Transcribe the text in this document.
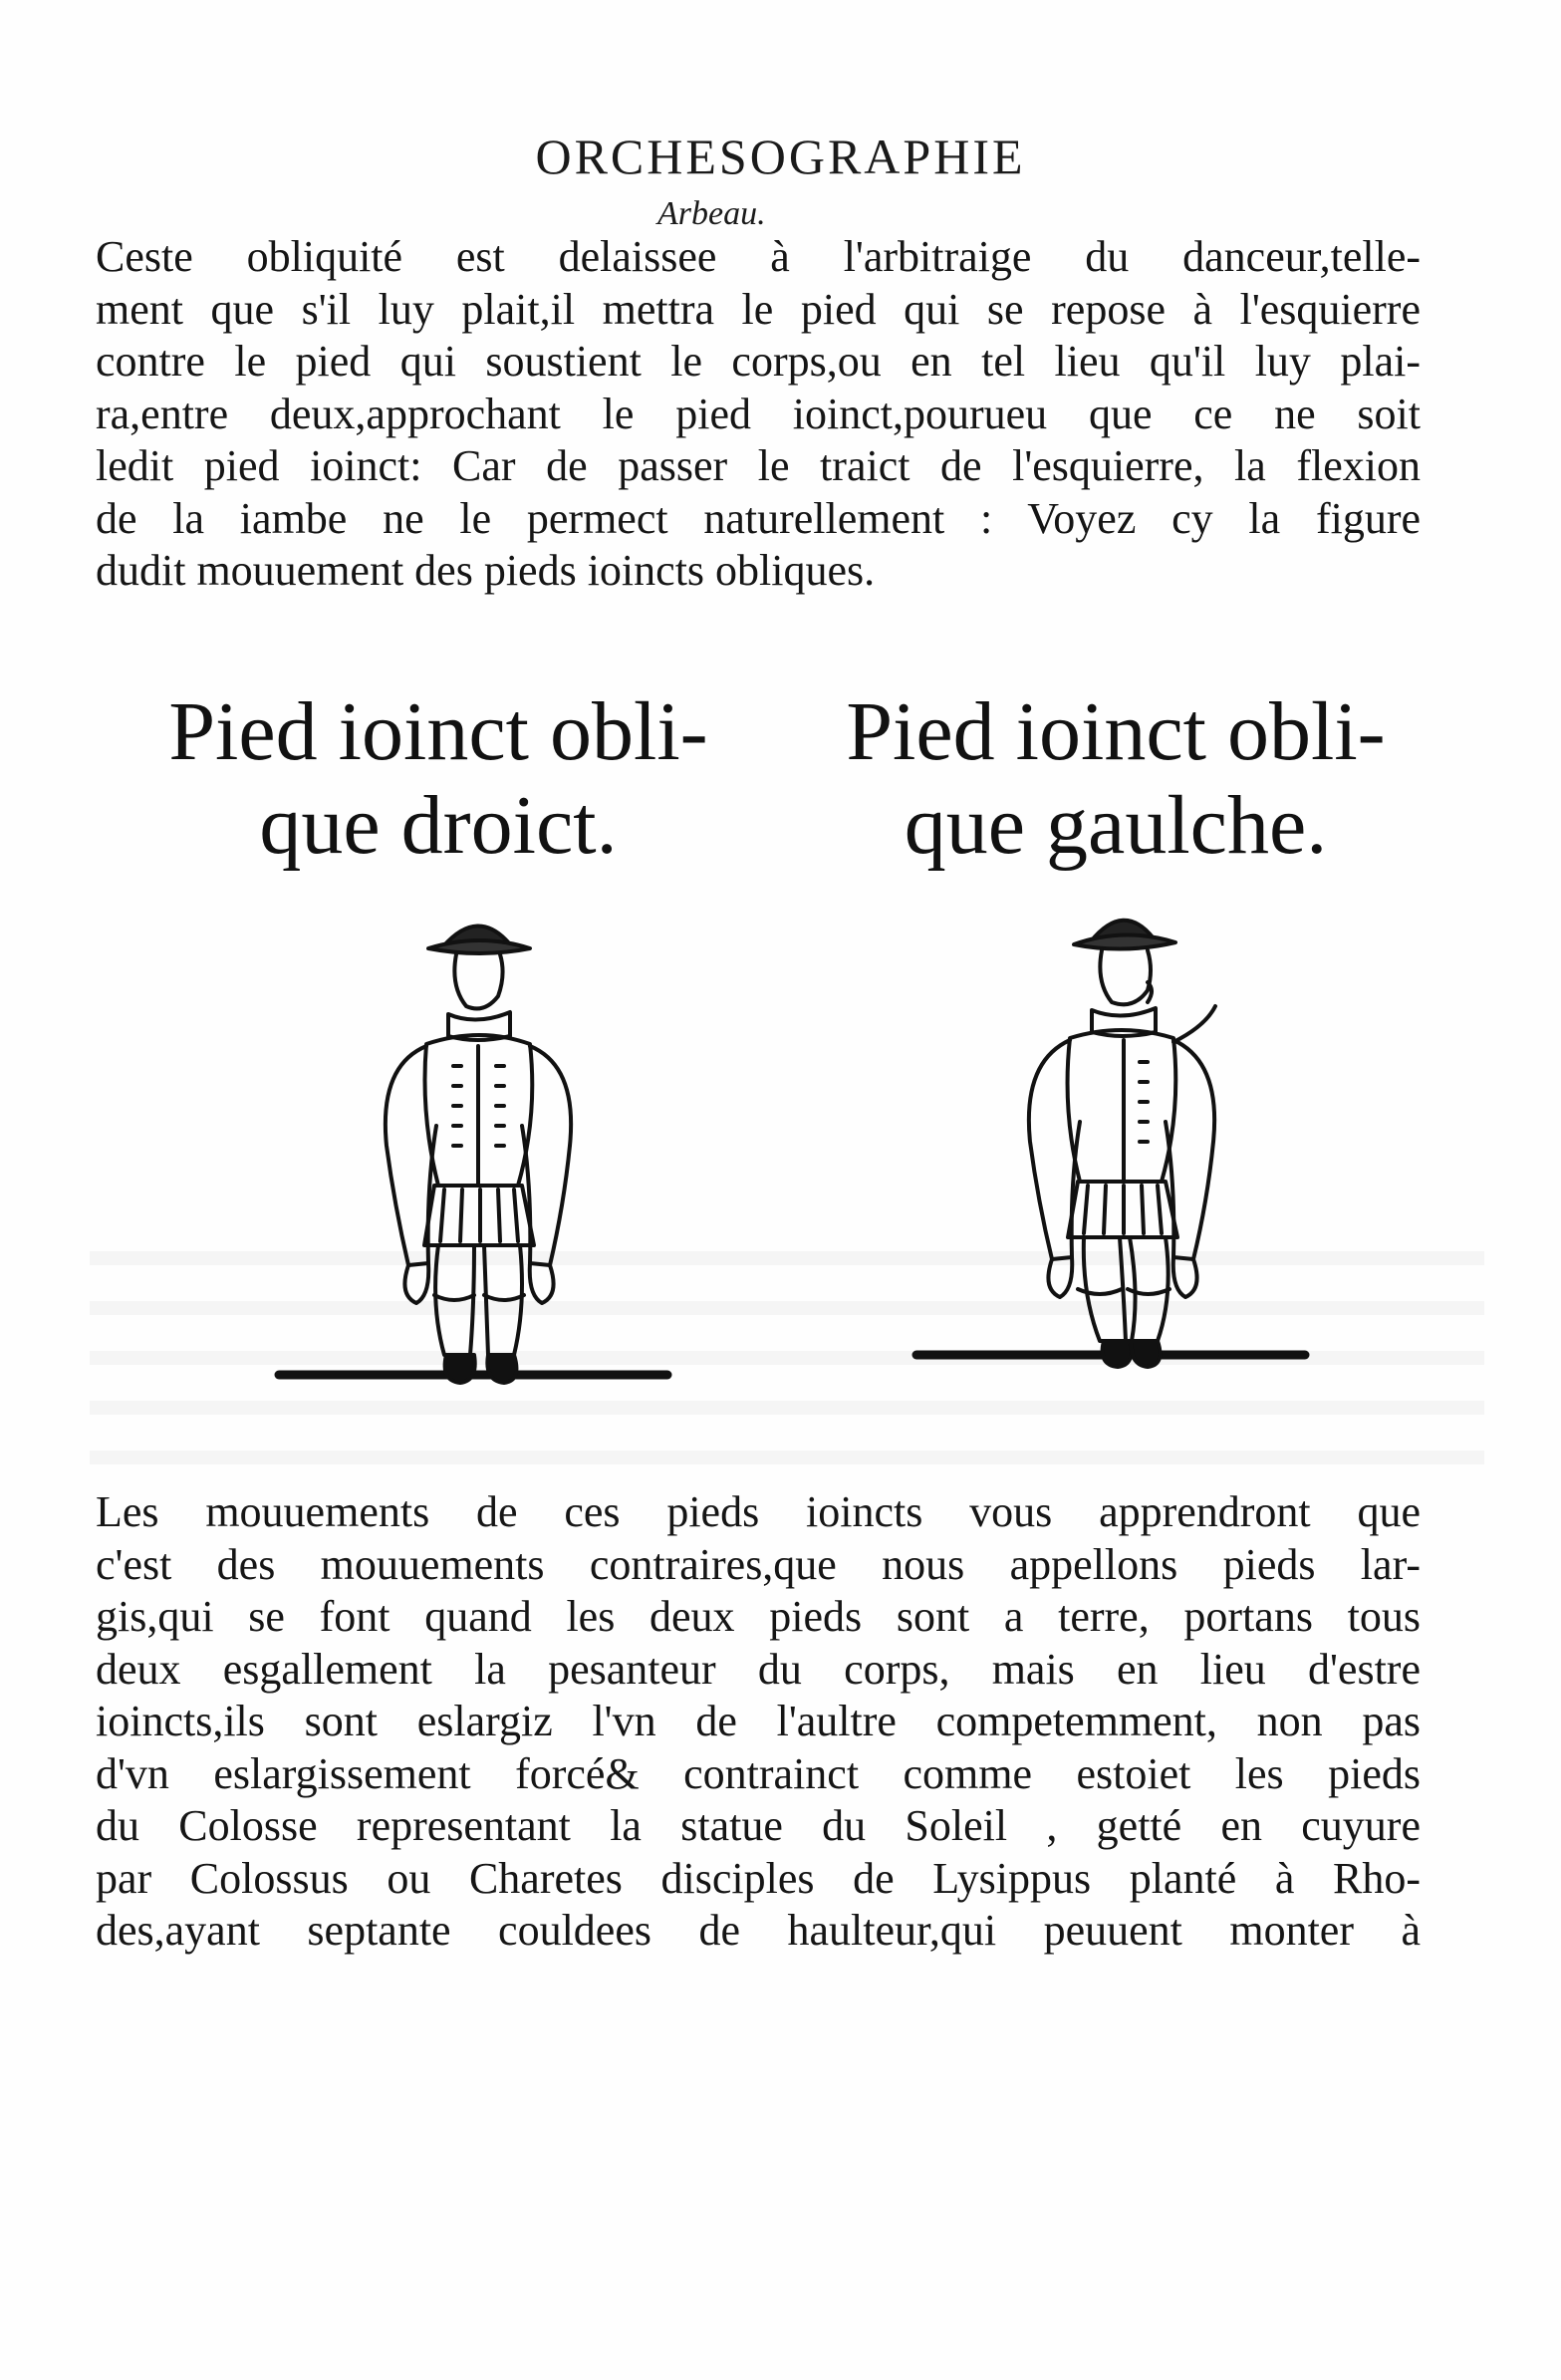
ORCHESOGRAPHIE
Arbeau.
Ceste obliquité est delaissee à l'arbitraige du danceur,telle-
ment que s'il luy plait,il mettra le pied qui se repose à l'esquierre
contre le pied qui soustient le corps,ou en tel lieu qu'il luy plai-
ra,entre deux,approchant le pied ioinct,pourueu que ce ne soit
ledit pied ioinct: Car de passer le traict de l'esquierre, la flexion
de la iambe ne le permect naturellement : Voyez cy la figure
dudit mouuement des pieds ioincts obliques.
Pied ioinct obli-
que droict.
Pied ioinct obli-
que gaulche.
Les mouuements de ces pieds ioincts vous apprendront que
c'est des mouuements contraires,que nous appellons pieds lar-
gis,qui se font quand les deux pieds sont a terre, portans tous
deux esgallement la pesanteur du corps, mais en lieu d'estre
ioincts,ils sont eslargiz l'vn de l'aultre competemment, non pas
d'vn eslargissement forcé& contrainct comme estoiet les pieds
du Colosse representant la statue du Soleil , getté en cuyure
par Colossus ou Charetes disciples de Lysippus planté à Rho-
des,ayant septante couldees de haulteur,qui peuuent monter à
